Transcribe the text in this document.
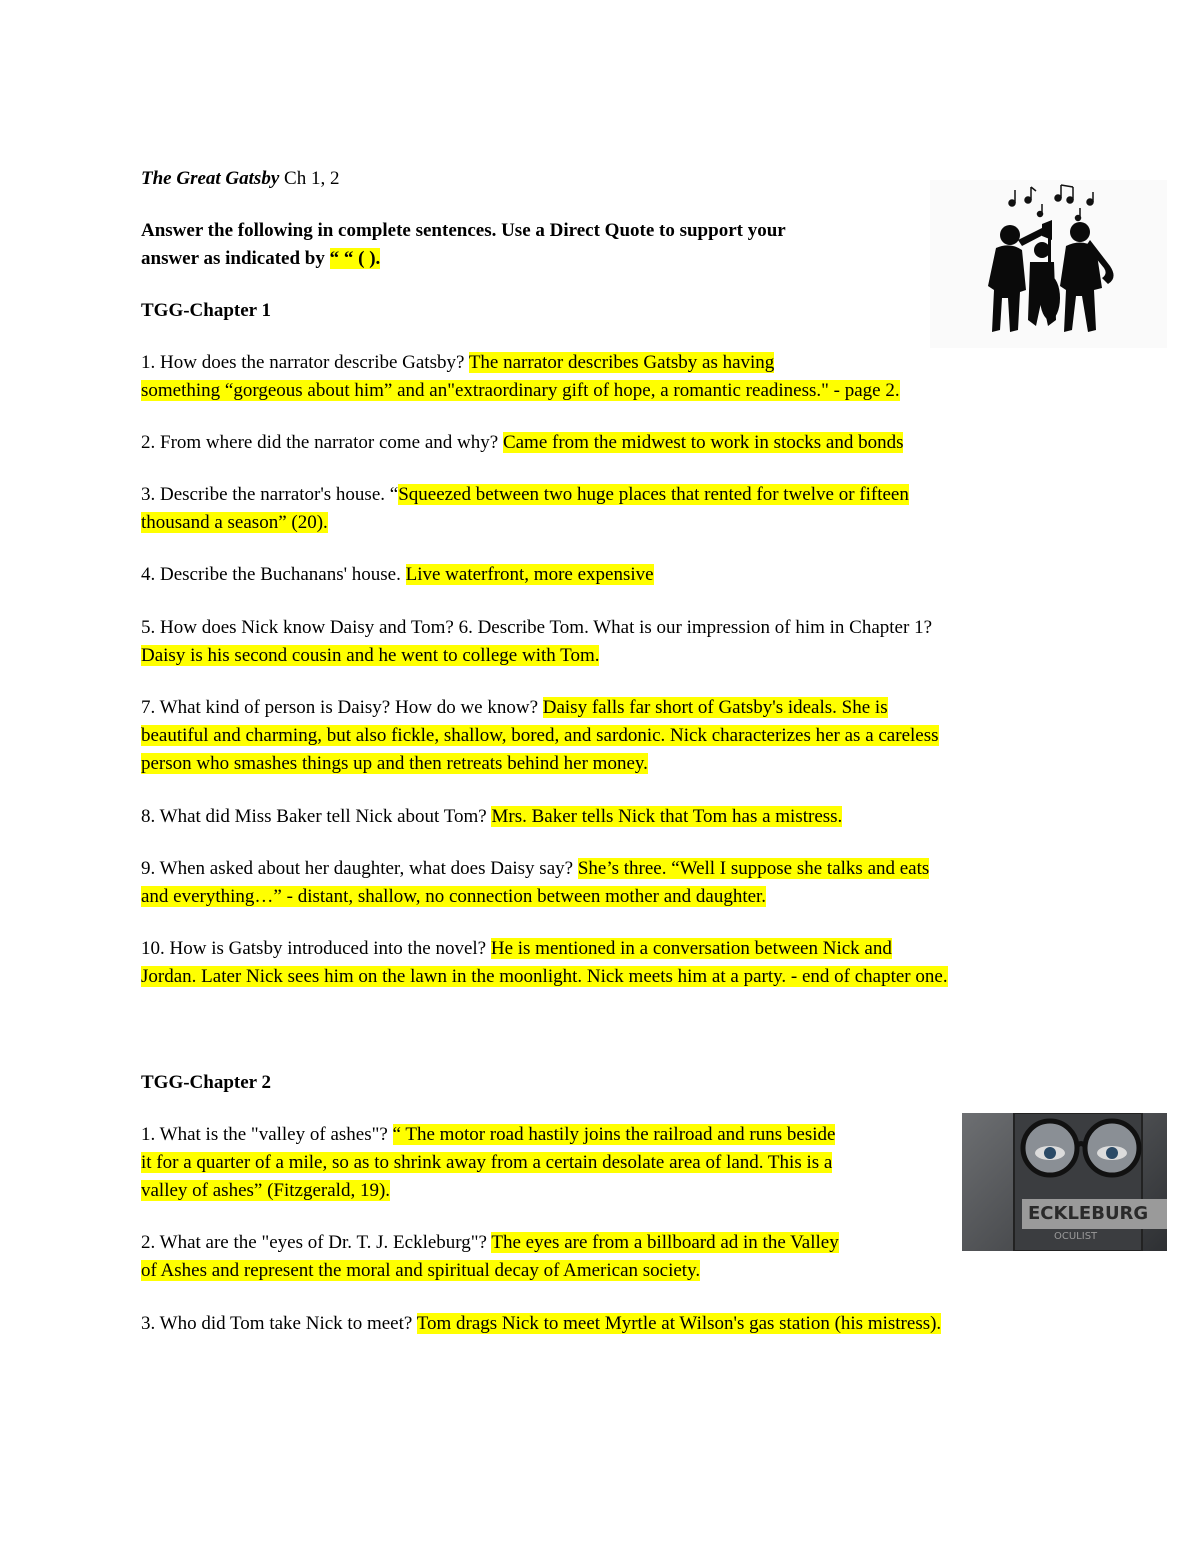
The Great Gatsby Ch 1, 2

Answer the following in complete sentences. Use a Direct Quote to support your

answer as indicated by “ “ ( ).

TGG-Chapter 1

1. How does the narrator describe Gatsby? The narrator describes Gatsby as having

something “gorgeous about him” and an"extraordinary gift of hope, a romantic readiness." - page 2.

2. From where did the narrator come and why? Came from the midwest to work in stocks and bonds

3. Describe the narrator's house. “Squeezed between two huge places that rented for twelve or fifteen

thousand a season” (20).

4. Describe the Buchanans' house. Live waterfront, more expensive

5. How does Nick know Daisy and Tom? 6. Describe Tom. What is our impression of him in Chapter 1?

Daisy is his second cousin and he went to college with Tom.

7. What kind of person is Daisy? How do we know? Daisy falls far short of Gatsby's ideals. She is

beautiful and charming, but also fickle, shallow, bored, and sardonic. Nick characterizes her as a careless

person who smashes things up and then retreats behind her money.

8. What did Miss Baker tell Nick about Tom? Mrs. Baker tells Nick that Tom has a mistress.

9. When asked about her daughter, what does Daisy say? She’s three. “Well I suppose she talks and eats

and everything…” - distant, shallow, no connection between mother and daughter.

10. How is Gatsby introduced into the novel? He is mentioned in a conversation between Nick and

Jordan. Later Nick sees him on the lawn in the moonlight. Nick meets him at a party. - end of chapter one.

TGG-Chapter 2

1. What is the "valley of ashes"? “ The motor road hastily joins the railroad and runs beside

it for a quarter of a mile, so as to shrink away from a certain desolate area of land. This is a

valley of ashes” (Fitzgerald, 19).

2. What are the "eyes of Dr. T. J. Eckleburg"? The eyes are from a billboard ad in the Valley

of Ashes and represent the moral and spiritual decay of American society.

3. Who did Tom take Nick to meet? Tom drags Nick to meet Myrtle at Wilson's gas station (his mistress).

ECKLEBURG
OCULIST
